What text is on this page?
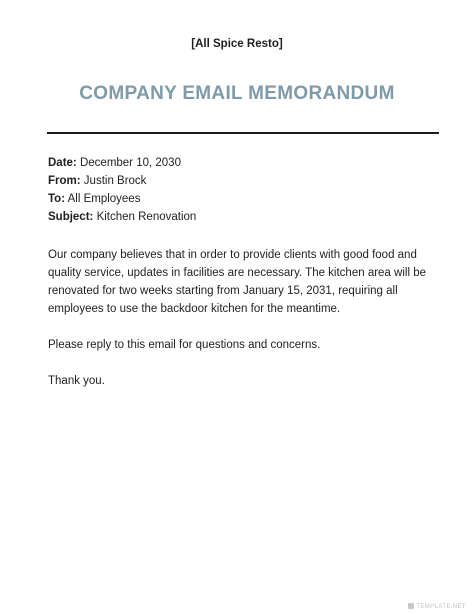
[All Spice Resto]
COMPANY EMAIL MEMORANDUM
Date: December 10, 2030
From: Justin Brock
To: All Employees
Subject: Kitchen Renovation

Our company believes that in order to provide clients with good food and
quality service, updates in facilities are necessary. The kitchen area will be
renovated for two weeks starting from January 15, 2031, requiring all
employees to use the backdoor kitchen for the meantime.

Please reply to this email for questions and concerns.

Thank you.

TEMPLATE.NET
